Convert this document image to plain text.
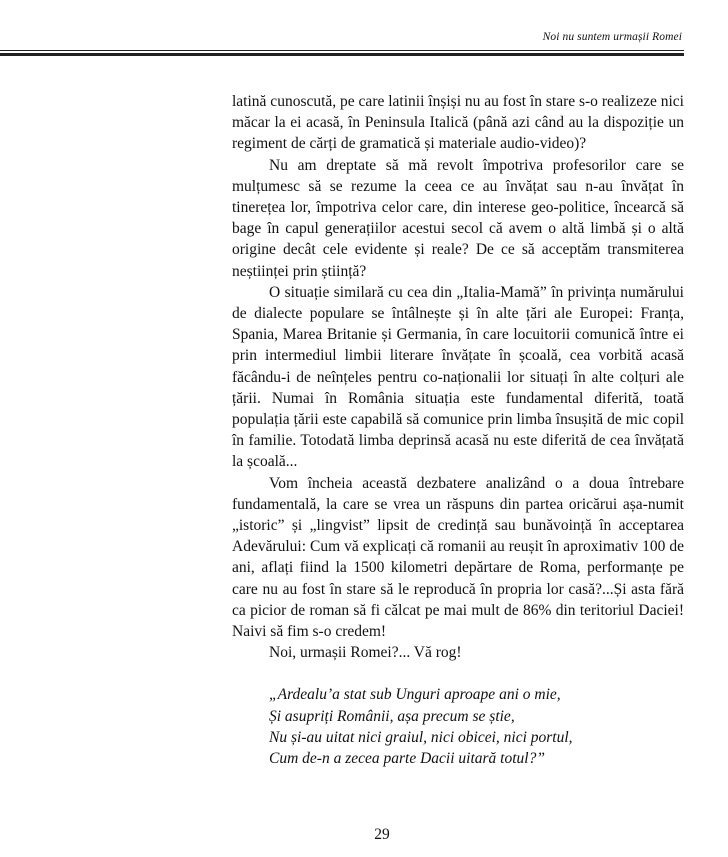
Noi nu suntem urmașii Romei

latină cunoscută, pe care latinii înșiși nu au fost în stare s-o realizeze nici măcar la ei acasă, în Peninsula Italică (până azi când au la dispoziție un regiment de cărți de gramatică și materiale audio-video)?

Nu am dreptate să mă revolt împotriva profesorilor care se mulțumesc să se rezume la ceea ce au învățat sau n-au învățat în tinerețea lor, împotriva celor care, din interese geo-politice, încearcă să bage în capul generațiilor acestui secol că avem o altă limbă și o altă origine decât cele evidente și reale? De ce să acceptăm transmiterea neștiinței prin știință?

O situație similară cu cea din „Italia-Mamă” în privința numărului de dialecte populare se întâlnește și în alte țări ale Europei: Franța, Spania, Marea Britanie și Germania, în care locuitorii comunică între ei prin intermediul limbii literare învățate în școală, cea vorbită acasă făcându-i de neînțeles pentru co-naționalii lor situați în alte colțuri ale țării. Numai în România situația este fundamental diferită, toată populația țării este capabilă să comunice prin limba însușită de mic copil în familie. Totodată limba deprinsă acasă nu este diferită de cea învățată la școală...

Vom încheia această dezbatere analizând o a doua întrebare fundamentală, la care se vrea un răspuns din partea oricărui așa-numit „istoric” și „lingvist” lipsit de credință sau bunăvoință în acceptarea Adevărului: Cum vă explicați că romanii au reușit în aproximativ 100 de ani, aflați fiind la 1500 kilometri depărtare de Roma, performanțe pe care nu au fost în stare să le reproducă în propria lor casă?...Și asta fără ca picior de roman să fi călcat pe mai mult de 86% din teritoriul Daciei! Naivi să fim s-o credem!

Noi, urmașii Romei?... Vă rog!

„Ardealu’a stat sub Unguri aproape ani o mie,
Și asupriți Românii, așa precum se știe,
Nu și-au uitat nici graiul, nici obicei, nici portul,
Cum de-n a zecea parte Dacii uitară totul?”
29
